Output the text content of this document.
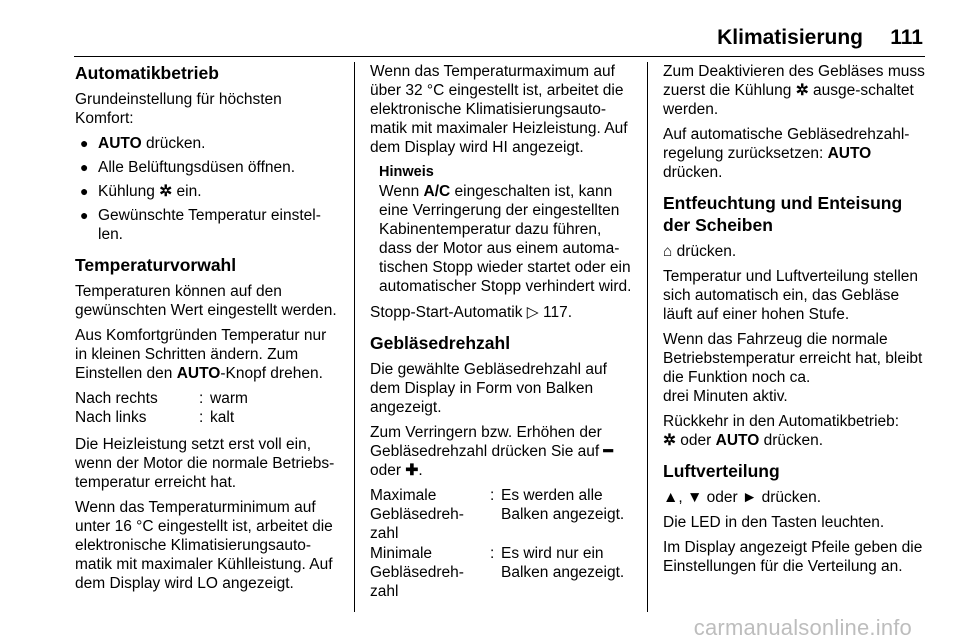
Klimatisierung 111
Automatikbetrieb

Grundeinstellung für höchsten Komfort:

● AUTO drücken.
● Alle Belüftungsdüsen öffnen.
● Kühlung ✲ ein.
● Gewünschte Temperatur einstel-len.
Temperaturvorwahl

Temperaturen können auf den gewünschten Wert eingestellt werden.

Aus Komfortgründen Temperatur nur in kleinen Schritten ändern. Zum Einstellen den AUTO-Knopf drehen.

Nach rechts	: warm
Nach links	: kalt

Die Heizleistung setzt erst voll ein, wenn der Motor die normale Betriebs-temperatur erreicht hat.

Wenn das Temperaturminimum auf unter 16 °C eingestellt ist, arbeitet die elektronische Klimatisierungsauto-matik mit maximaler Kühlleistung. Auf dem Display wird LO angezeigt.

Wenn das Temperaturmaximum auf über 32 °C eingestellt ist, arbeitet die elektronische Klimatisierungsauto-matik mit maximaler Heizleistung. Auf dem Display wird HI angezeigt.

Hinweis
Wenn A/C eingeschalten ist, kann eine Verringerung der eingestellten Kabinentemperatur dazu führen, dass der Motor aus einem automa-tischen Stopp wieder startet oder ein automatischer Stopp verhindert wird.

Stopp-Start-Automatik ▷ 117.

Gebläsedrehzahl

Die gewählte Gebläsedrehzahl auf dem Display in Form von Balken angezeigt.

Zum Verringern bzw. Erhöhen der Gebläsedrehzahl drücken Sie auf ━ oder ✚.

Maximale Gebläsedreh-zahl
: Es werden alle Balken angezeigt.
Minimale Gebläsedreh-zahl
: Es wird nur ein Balken angezeigt.

Zum Deaktivieren des Gebläses muss zuerst die Kühlung ✲ ausge-schaltet werden.

Auf automatische Gebläsedrehzahl-regelung zurücksetzen: AUTO drücken.

Entfeuchtung und Enteisung der Scheiben

⌂ drücken.

Temperatur und Luftverteilung stellen sich automatisch ein, das Gebläse läuft auf einer hohen Stufe.

Wenn das Fahrzeug die normale Betriebstemperatur erreicht hat, bleibt die Funktion noch ca.
drei Minuten aktiv.

Rückkehr in den Automatikbetrieb:
✲ oder AUTO drücken.

Luftverteilung

▲, ▼ oder ► drücken.

Die LED in den Tasten leuchten.

Im Display angezeigt Pfeile geben die Einstellungen für die Verteilung an.

carmanualsonline.info
